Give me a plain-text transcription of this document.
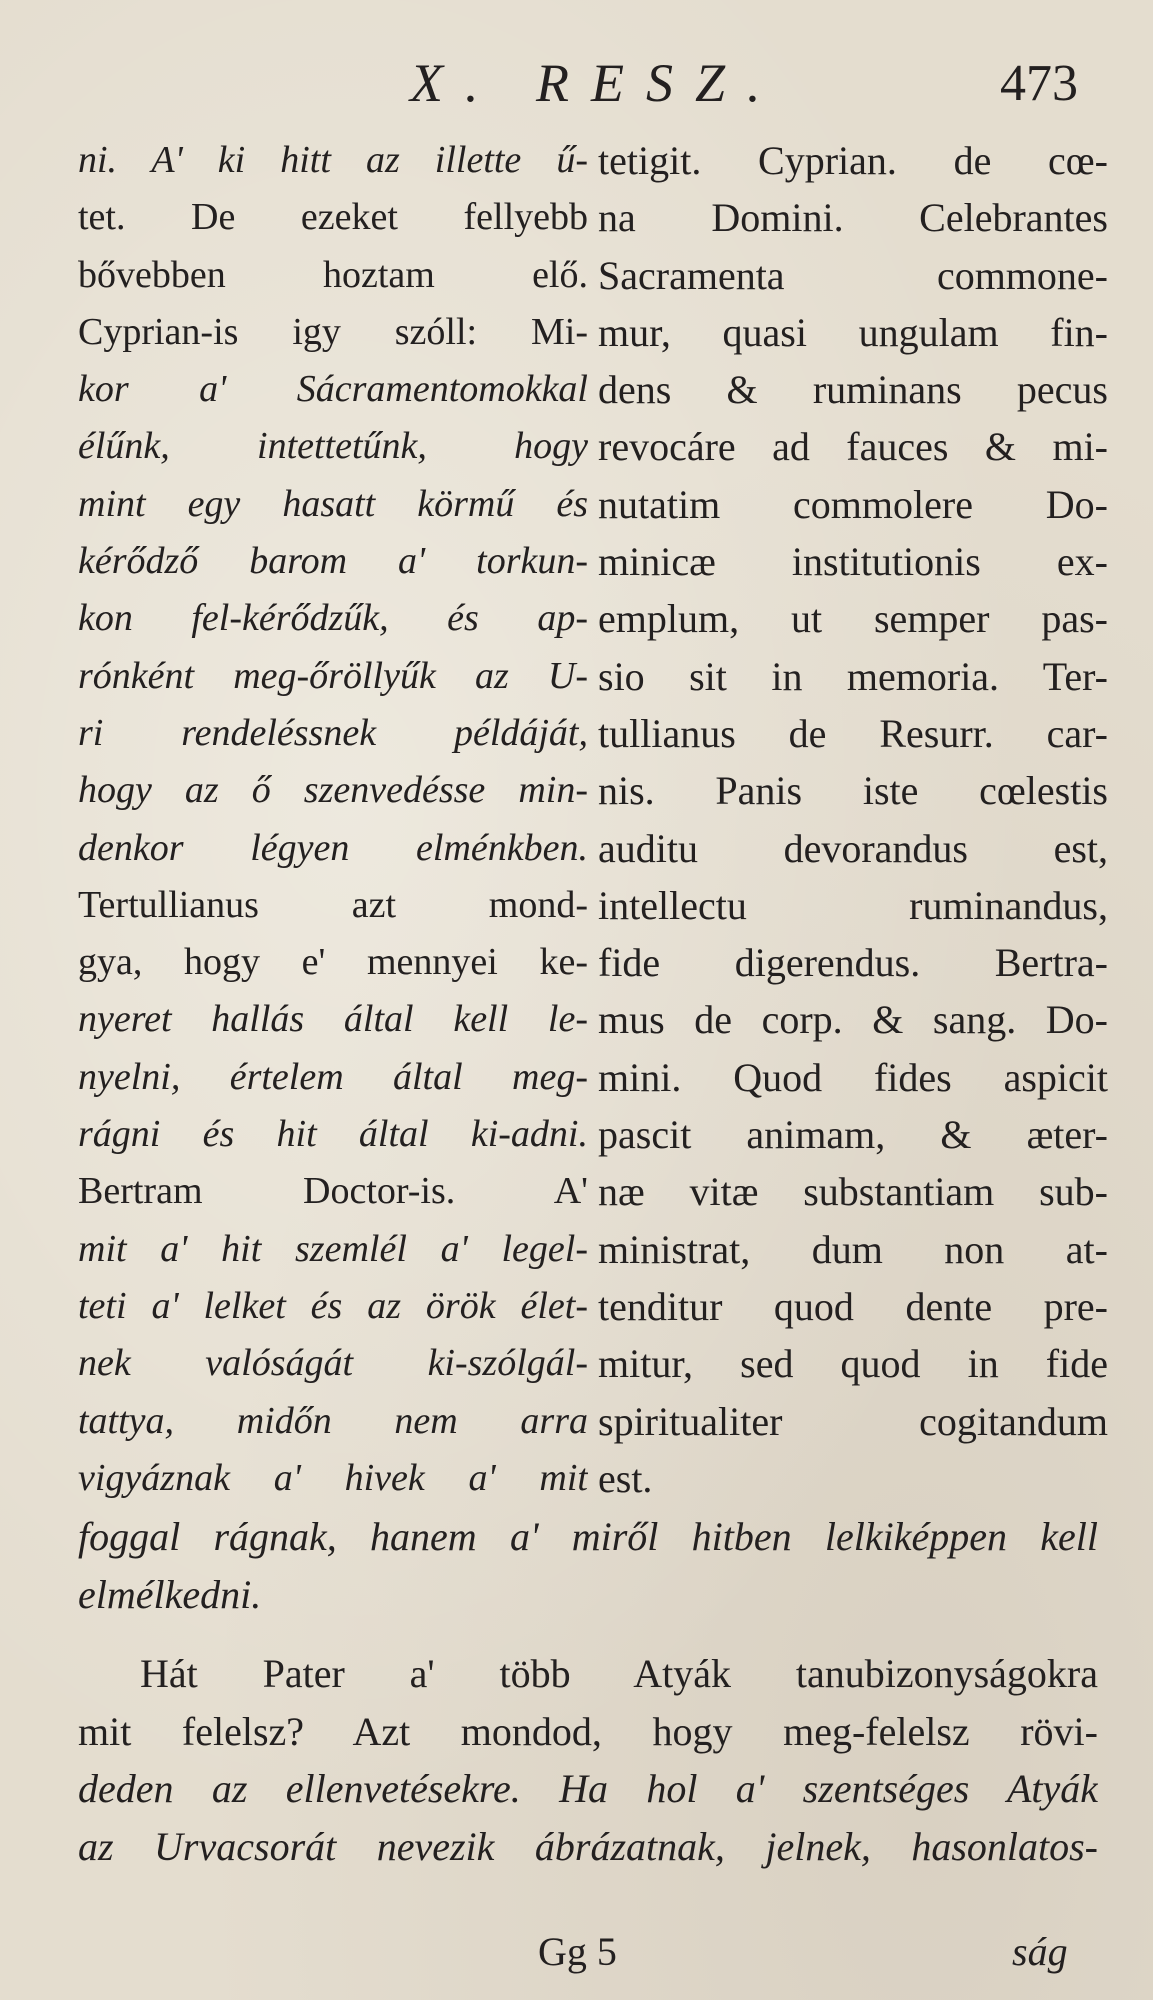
X. RESZ.	473
ni. A' ki hitt az illette ű-
tet. De ezeket fellyebb
bővebben hoztam elő.
Cyprian-is igy szóll: Mi-
kor a' Sácramentomokkal
élűnk, intettetűnk, hogy
mint egy hasatt körmű és
kérődző barom a' torkun-
kon fel-kérődzűk, és ap-
rónként meg-őröllyűk az U-
ri rendeléssnek példáját,
hogy az ő szenvedésse min-
denkor légyen elménkben.
Tertullianus azt mond-
gya, hogy e' mennyei ke-
nyeret hallás által kell le-
nyelni, értelem által meg-
rágni és hit által ki-adni.
Bertram Doctor-is. A'
mit a' hit szemlél a' legel-
teti a' lelket és az örök élet-
nek valóságát ki-szólgál-
tattya, midőn nem arra
vigyáznak a' hivek a' mit
tetigit. Cyprian. de cœ-
na Domini. Celebrantes
Sacramenta commone-
mur, quasi ungulam fin-
dens & ruminans pecus
revocáre ad fauces & mi-
nutatim commolere Do-
minicæ institutionis ex-
emplum, ut semper pas-
sio sit in memoria. Ter-
tullianus de Resurr. car-
nis. Panis iste cœlestis
auditu devorandus est,
intellectu ruminandus,
fide digerendus. Bertra-
mus de corp. & sang. Do-
mini. Quod fides aspicit
pascit animam, & æter-
næ vitæ substantiam sub-
ministrat, dum non at-
tenditur quod dente pre-
mitur, sed quod in fide
spiritualiter cogitandum
est.
foggal rágnak, hanem a' miről hitben lelkiképpen kell
elmélkedni.
Hát Pater a' több Atyák tanubizonyságokra
mit felelsz? Azt mondod, hogy meg-felelsz rövi-
deden az ellenvetésekre. Ha hol a' szentséges Atyák
az Urvacsorát nevezik ábrázatnak, jelnek, hasonlatos-
Gg 5	ság
